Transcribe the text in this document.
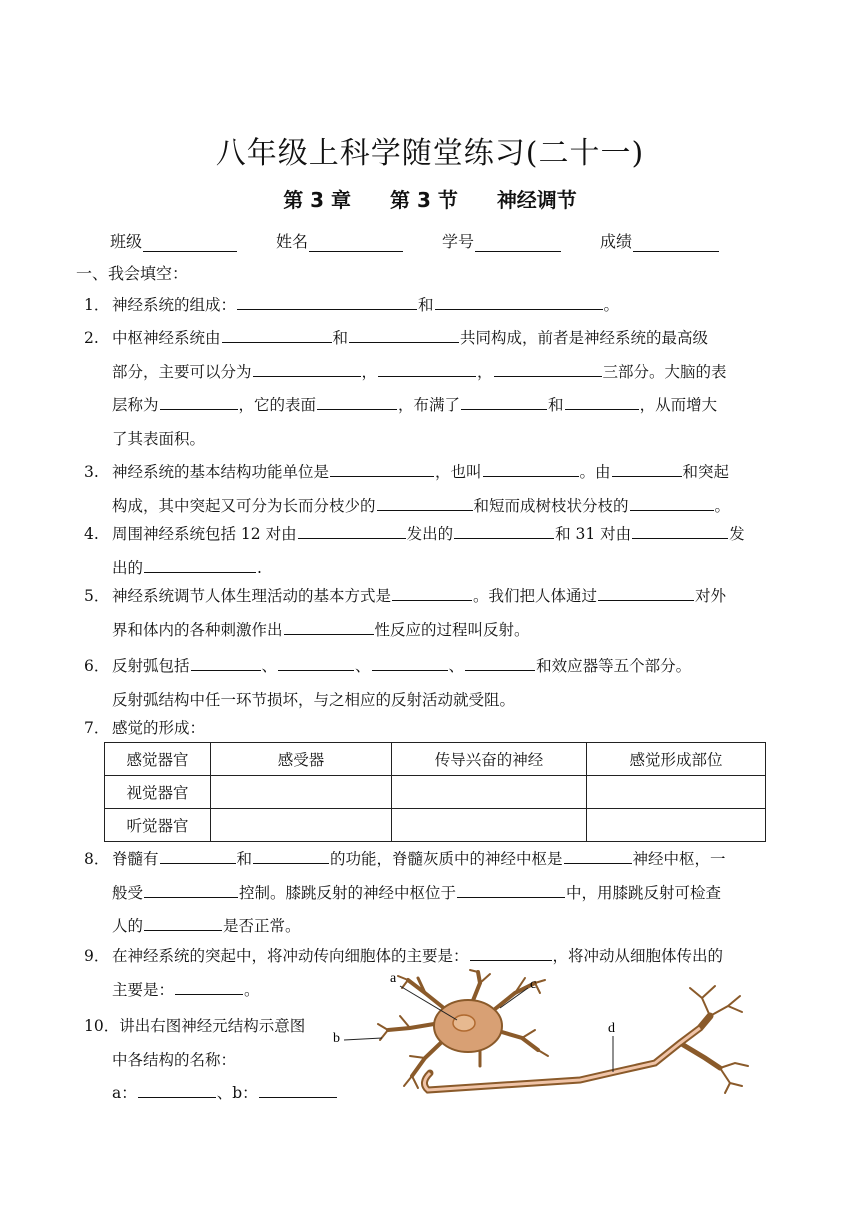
八年级上科学随堂练习(二十一)
第 3 章 第 3 节 神经调节
班级	姓名	学号	成绩
一、我会填空：
1． 神经系统的组成：	和	。
2. 中枢神经系统由	和	共同构成，前者是神经系统的最高级
部分，主要可以分为	，	，	三部分。大脑的表
层称为	，它的表面	，布满了	和	，从而增大
了其表面积。
3. 神经系统的基本结构功能单位是	，也叫	。由	和突起
构成，其中突起又可分为长而分枝少的	和短而成树枝状分枝的	。
4. 周围神经系统包括 12 对由	发出的	和 31 对由	发
出的	.
5． 神经系统调节人体生理活动的基本方式是	。我们把人体通过	对外
界和体内的各种刺激作出	性反应的过程叫反射。
6． 反射弧包括	、	、	、	和效应器等五个部分。
反射弧结构中任一环节损坏，与之相应的反射活动就受阻。
7． 感觉的形成：
感觉器官	感受器	传导兴奋的神经	感觉形成部位
视觉器官			
听觉器官			
8． 脊髓有	和	的功能，脊髓灰质中的神经中枢是	神经中枢，一
般受	控制。膝跳反射的神经中枢位于	中，用膝跳反射可检查
人的	是否正常。
9． 在神经系统的突起中，将冲动传向细胞体的主要是：	，将冲动从细胞体传出的
主要是：	。
10．讲出右图神经元结构示意图
中各结构的名称：
a：	、b：
a	c
b
d
